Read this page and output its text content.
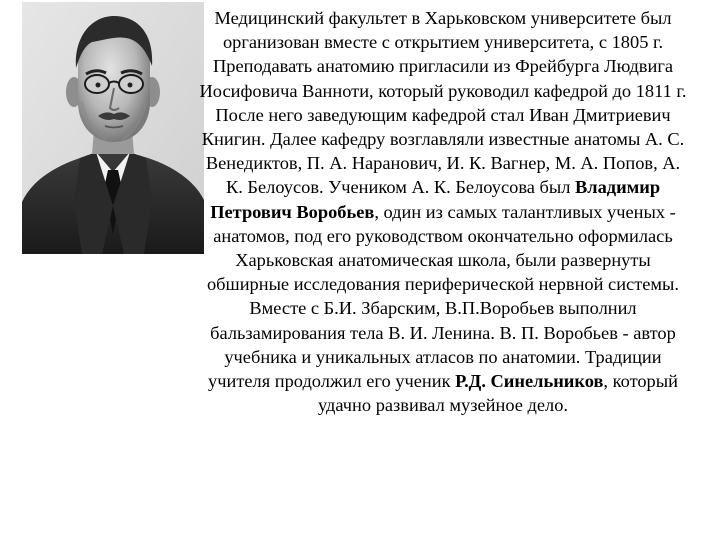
Медицинский факультет в Харьковском университете был организован вместе с открытием университета, с 1805 г. Преподавать анатомию пригласили из Фрейбурга Людвига Иосифовича Ванноти, который руководил кафедрой до 1811 г. После него заведующим кафедрой стал Иван Дмитриевич Книгин. Далее кафедру возглавляли известные анатомы А. С. Венедиктов, П. А. Наранович, И. К. Вагнер, М. А. Попов, А. К. Белоусов. Учеником А. К. Белоусова был Владимир Петрович Воробьев, один из самых талантливых ученых - анатомов, под его руководством окончательно оформилась Харьковская анатомическая школа, были развернуты обширные исследования периферической нервной системы. Вместе с Б.И. Збарским, В.П.Воробьев выполнил бальзамирования тела В. И. Ленина. В. П. Воробьев - автор учебника и уникальных атласов по анатомии. Традиции учителя продолжил его ученик Р.Д. Синельников, который удачно развивал музейное дело.
